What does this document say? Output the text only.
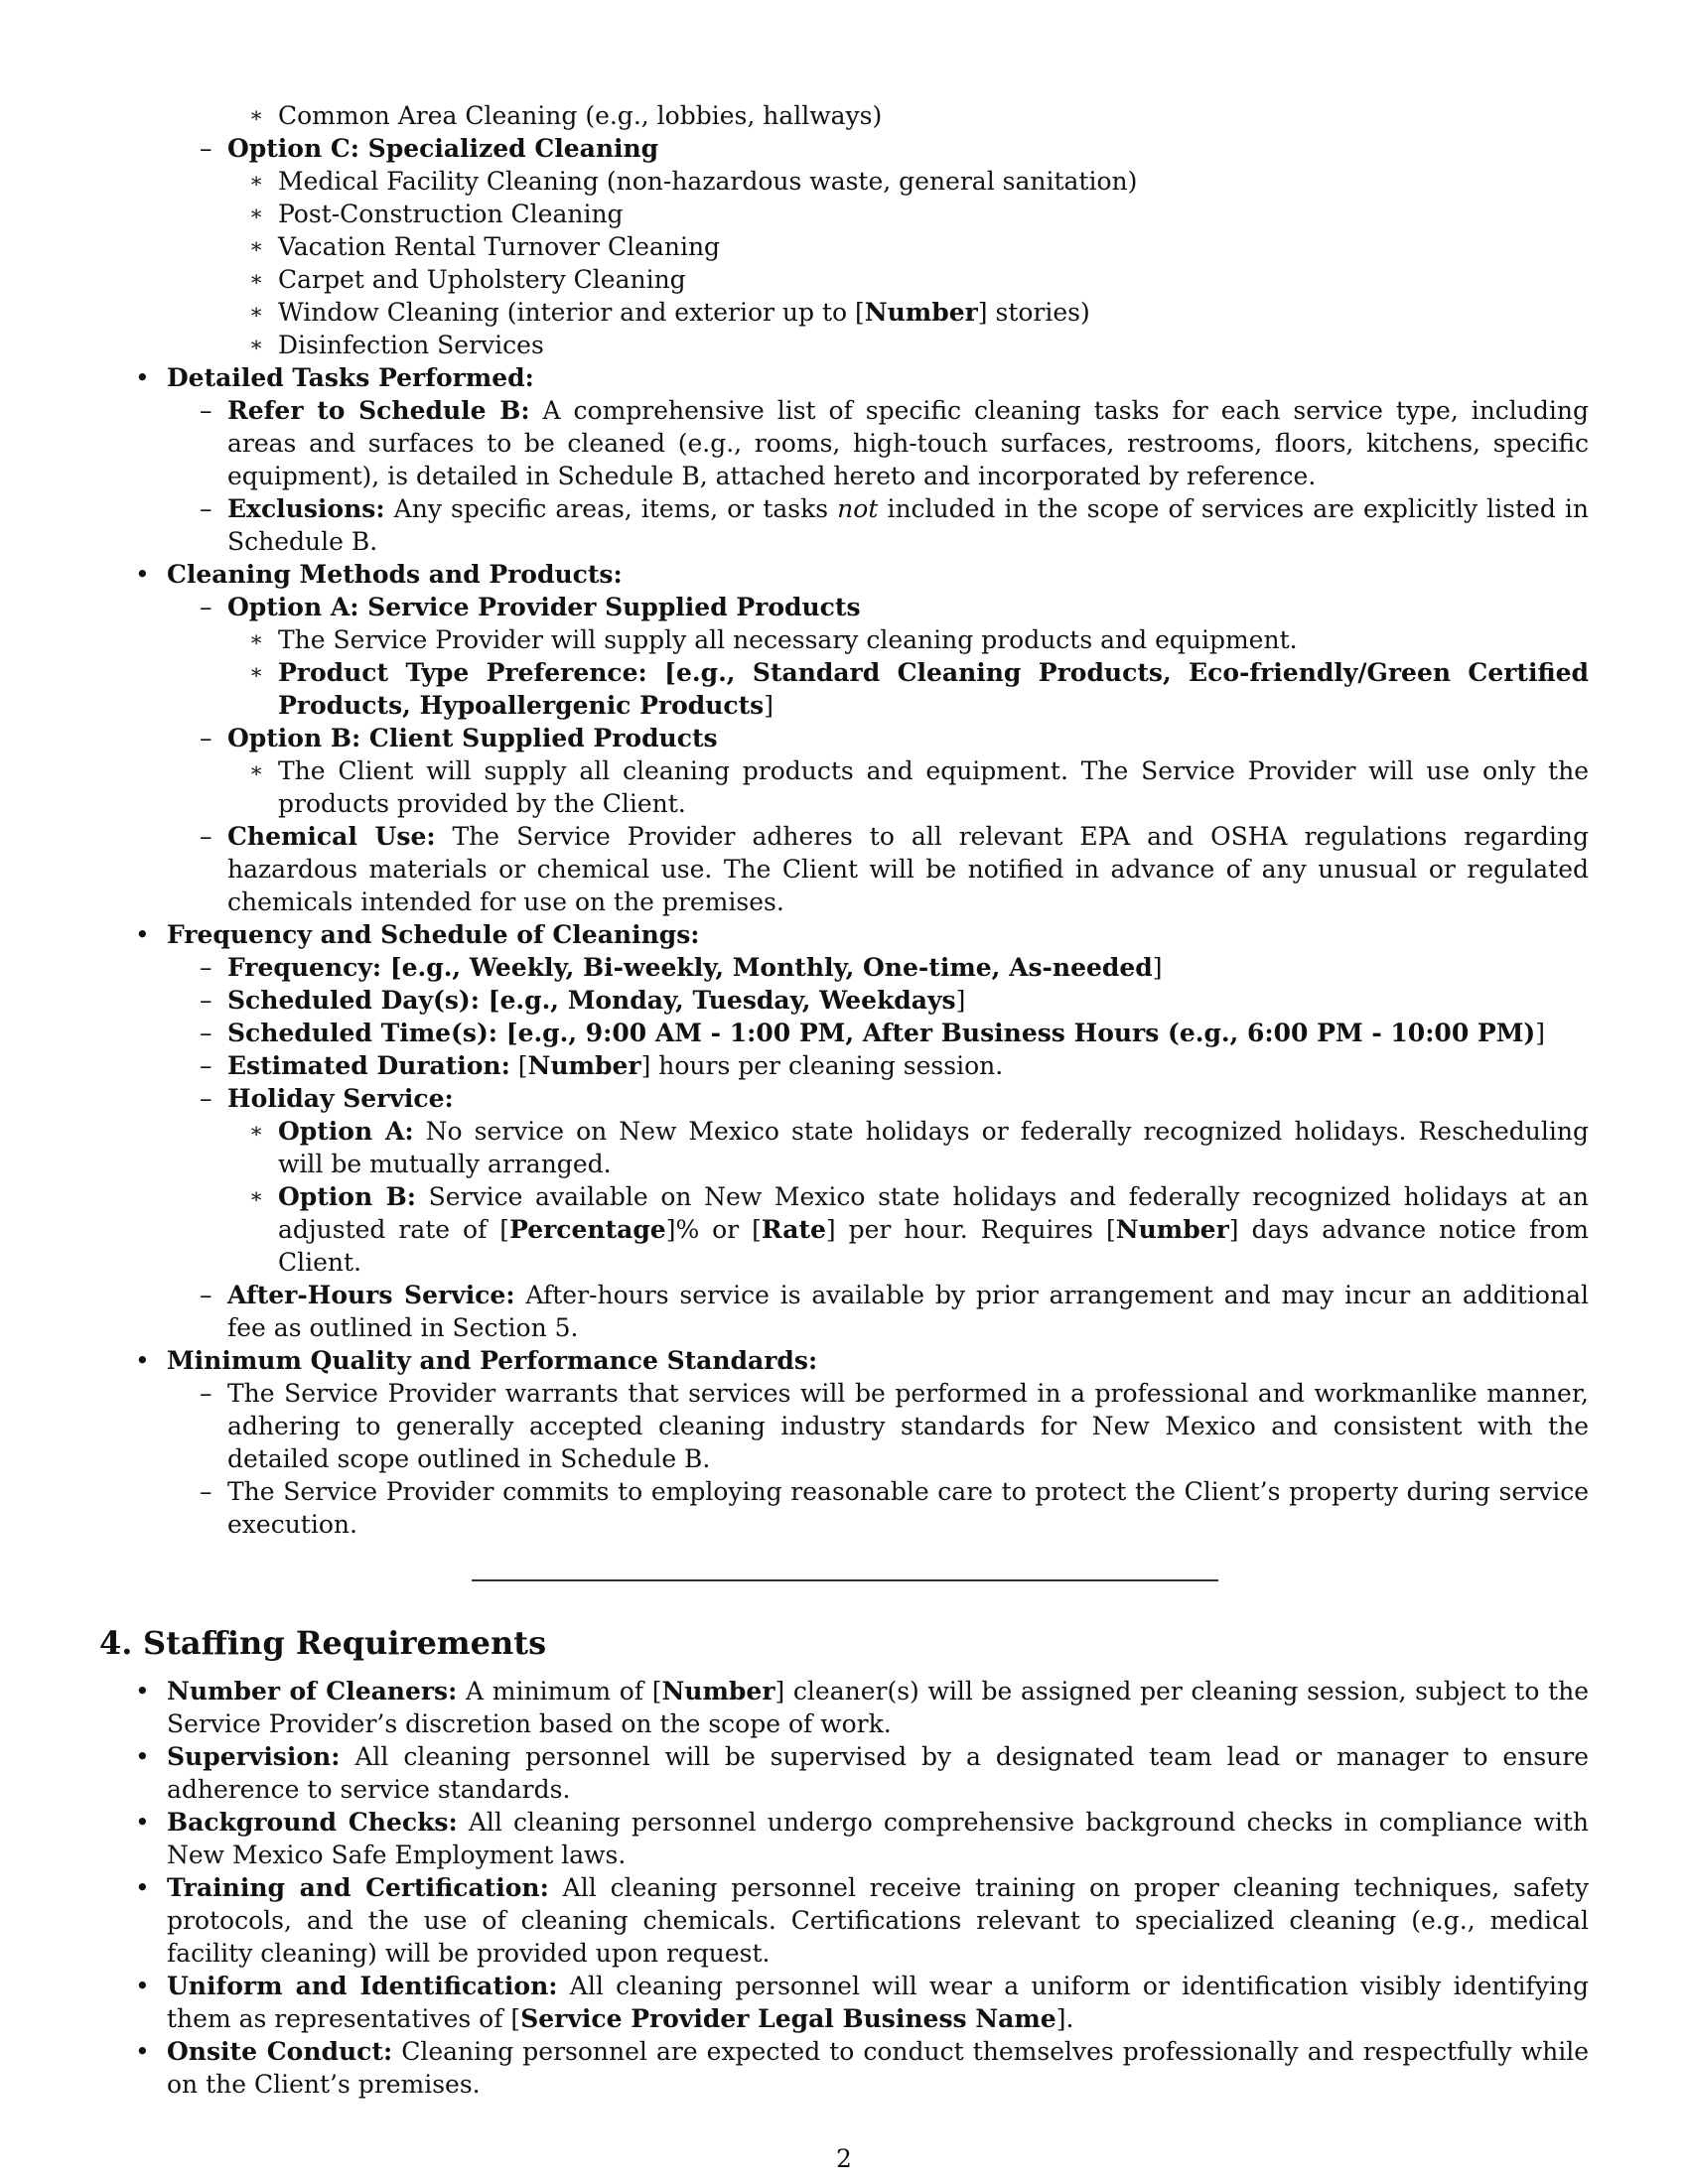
∗ Common Area Cleaning (e.g., lobbies, hallways)
– Option C: Specialized Cleaning
∗ Medical Facility Cleaning (non-hazardous waste, general sanitation)
∗ Post-Construction Cleaning
∗ Vacation Rental Turnover Cleaning
∗ Carpet and Upholstery Cleaning
∗ Window Cleaning (interior and exterior up to [Number] stories)
∗ Disinfection Services
• Detailed Tasks Performed:
– Refer to Schedule B: A comprehensive list of specific cleaning tasks for each service type, including areas and surfaces to be cleaned (e.g., rooms, high-touch surfaces, restrooms, floors, kitchens, specific equipment), is detailed in Schedule B, attached hereto and incorporated by reference.
– Exclusions: Any specific areas, items, or tasks not included in the scope of services are explicitly listed in Schedule B.
• Cleaning Methods and Products:
– Option A: Service Provider Supplied Products
∗ The Service Provider will supply all necessary cleaning products and equipment.
∗ Product Type Preference: [e.g., Standard Cleaning Products, Eco-friendly/Green Certified Products, Hypoallergenic Products]
– Option B: Client Supplied Products
∗ The Client will supply all cleaning products and equipment. The Service Provider will use only the products provided by the Client.
– Chemical Use: The Service Provider adheres to all relevant EPA and OSHA regulations regarding hazardous materials or chemical use. The Client will be notified in advance of any unusual or regulated chemicals intended for use on the premises.
• Frequency and Schedule of Cleanings:
– Frequency: [e.g., Weekly, Bi-weekly, Monthly, One-time, As-needed]
– Scheduled Day(s): [e.g., Monday, Tuesday, Weekdays]
– Scheduled Time(s): [e.g., 9:00 AM - 1:00 PM, After Business Hours (e.g., 6:00 PM - 10:00 PM)]
– Estimated Duration: [Number] hours per cleaning session.
– Holiday Service:
∗ Option A: No service on New Mexico state holidays or federally recognized holidays. Rescheduling will be mutually arranged.
∗ Option B: Service available on New Mexico state holidays and federally recognized holidays at an adjusted rate of [Percentage]% or [Rate] per hour. Requires [Number] days advance notice from Client.
– After-Hours Service: After-hours service is available by prior arrangement and may incur an additional fee as outlined in Section 5.
• Minimum Quality and Performance Standards:
– The Service Provider warrants that services will be performed in a professional and workmanlike manner, adhering to generally accepted cleaning industry standards for New Mexico and consistent with the detailed scope outlined in Schedule B.
– The Service Provider commits to employing reasonable care to protect the Client’s property during service execution.
4. Staffing Requirements
• Number of Cleaners: A minimum of [Number] cleaner(s) will be assigned per cleaning session, subject to the Service Provider’s discretion based on the scope of work.
• Supervision: All cleaning personnel will be supervised by a designated team lead or manager to ensure adherence to service standards.
• Background Checks: All cleaning personnel undergo comprehensive background checks in compliance with New Mexico Safe Employment laws.
• Training and Certification: All cleaning personnel receive training on proper cleaning techniques, safety protocols, and the use of cleaning chemicals. Certifications relevant to specialized cleaning (e.g., medical facility cleaning) will be provided upon request.
• Uniform and Identification: All cleaning personnel will wear a uniform or identification visibly identifying them as representatives of [Service Provider Legal Business Name].
• Onsite Conduct: Cleaning personnel are expected to conduct themselves professionally and respectfully while on the Client’s premises.
2
